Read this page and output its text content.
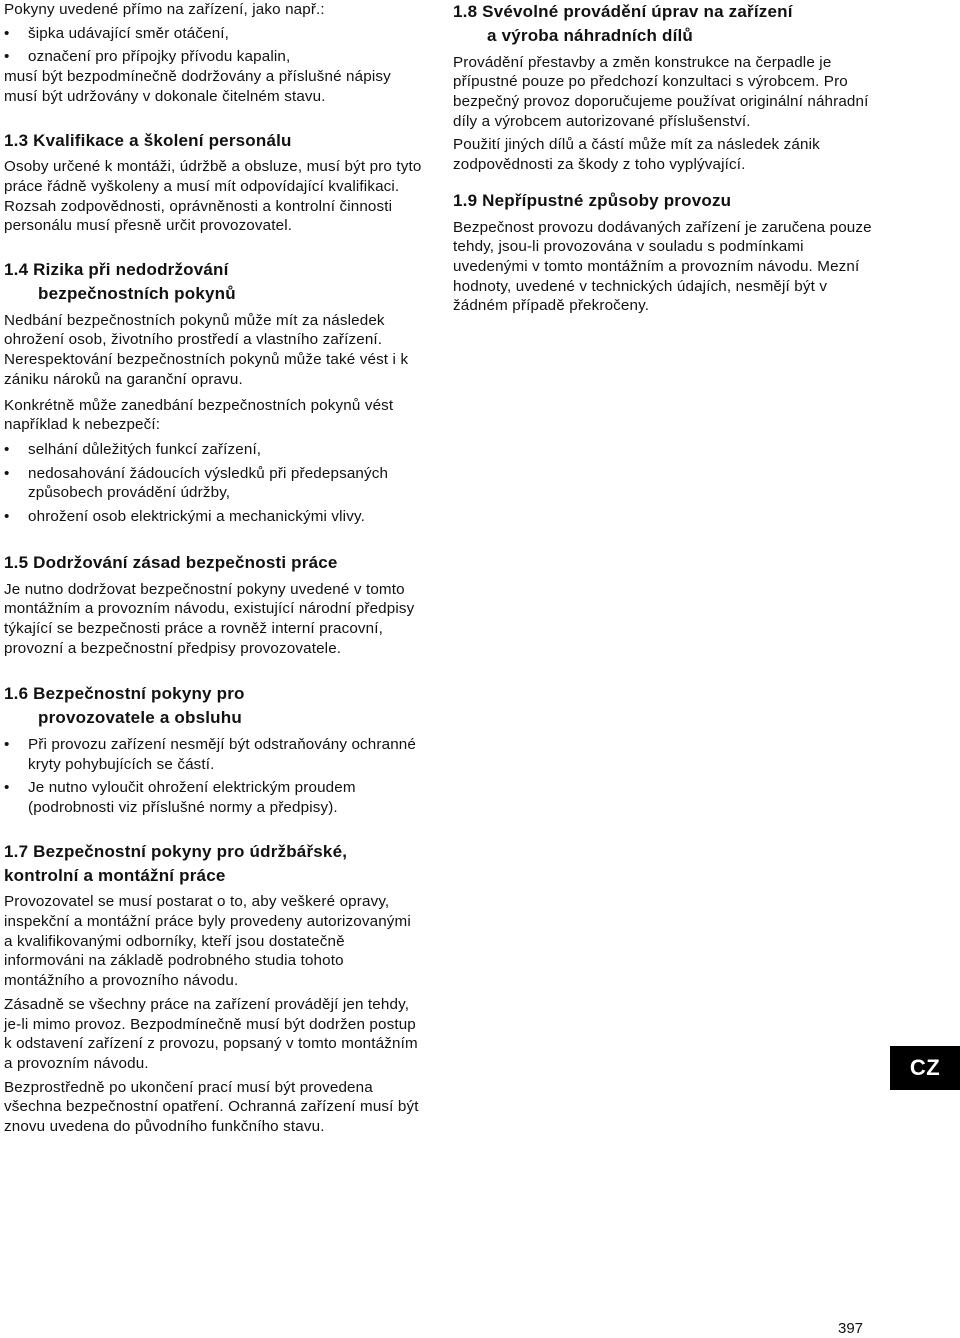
Pokyny uvedené přímo na zařízení, jako např.:

• šipka udávající směr otáčení,
• označení pro přípojky přívodu kapalin,

musí být bezpodmínečně dodržovány a příslušné nápisy musí být udržovány v dokonale čitelném stavu.

1.3 Kvalifikace a školení personálu

Osoby určené k montáži, údržbě a obsluze, musí být pro tyto práce řádně vyškoleny a musí mít odpovídající kvalifikaci. Rozsah zodpovědnosti, oprávněnosti a kontrolní činnosti personálu musí přesně určit provozovatel.

1.4 Rizika při nedodržování
bezpečnostních pokynů

Nedbání bezpečnostních pokynů může mít za následek ohrožení osob, životního prostředí a vlastního zařízení. Nerespektování bezpečnostních pokynů může také vést i k zániku nároků na garanční opravu.

Konkrétně může zanedbání bezpečnostních pokynů vést například k nebezpečí:

• selhání důležitých funkcí zařízení,
• nedosahování žádoucích výsledků při předepsaných způsobech provádění údržby,
• ohrožení osob elektrickými a mechanickými vlivy.
1.5 Dodržování zásad bezpečnosti práce

Je nutno dodržovat bezpečnostní pokyny uvedené v tomto montážním a provozním návodu, existující národní předpisy týkající se bezpečnosti práce a rovněž interní pracovní, provozní a bezpečnostní předpisy provozovatele.

1.6 Bezpečnostní pokyny pro
provozovatele a obsluhu
• Při provozu zařízení nesmějí být odstraňovány ochranné kryty pohybujících se částí.
• Je nutno vyloučit ohrožení elektrickým proudem (podrobnosti viz příslušné normy a předpisy).
1.7 Bezpečnostní pokyny pro údržbářské,
kontrolní a montážní práce

Provozovatel se musí postarat o to, aby veškeré opravy, inspekční a montážní práce byly provedeny autorizovanými a kvalifikovanými odborníky, kteří jsou dostatečně informováni na základě podrobného studia tohoto montážního a provozního návodu.

Zásadně se všechny práce na zařízení provádějí jen tehdy, je-li mimo provoz. Bezpodmínečně musí být dodržen postup k odstavení zařízení z provozu, popsaný v tomto montážním a provozním návodu.

Bezprostředně po ukončení prací musí být provedena všechna bezpečnostní opatření. Ochranná zařízení musí být znovu uvedena do původního funkčního stavu.

1.8 Svévolné provádění úprav na zařízení
a výroba náhradních dílů

Provádění přestavby a změn konstrukce na čerpadle je přípustné pouze po předchozí konzultaci s výrobcem. Pro bezpečný provoz doporučujeme používat originální náhradní díly a výrobcem autorizované příslušenství.

Použití jiných dílů a částí může mít za následek zánik zodpovědnosti za škody z toho vyplývající.

1.9 Nepřípustné způsoby provozu

Bezpečnost provozu dodávaných zařízení je zaručena pouze tehdy, jsou-li provozována v souladu s podmínkami uvedenými v tomto montážním a provozním návodu. Mezní hodnoty, uvedené v technických údajích, nesmějí být v žádném případě překročeny.

CZ
397
